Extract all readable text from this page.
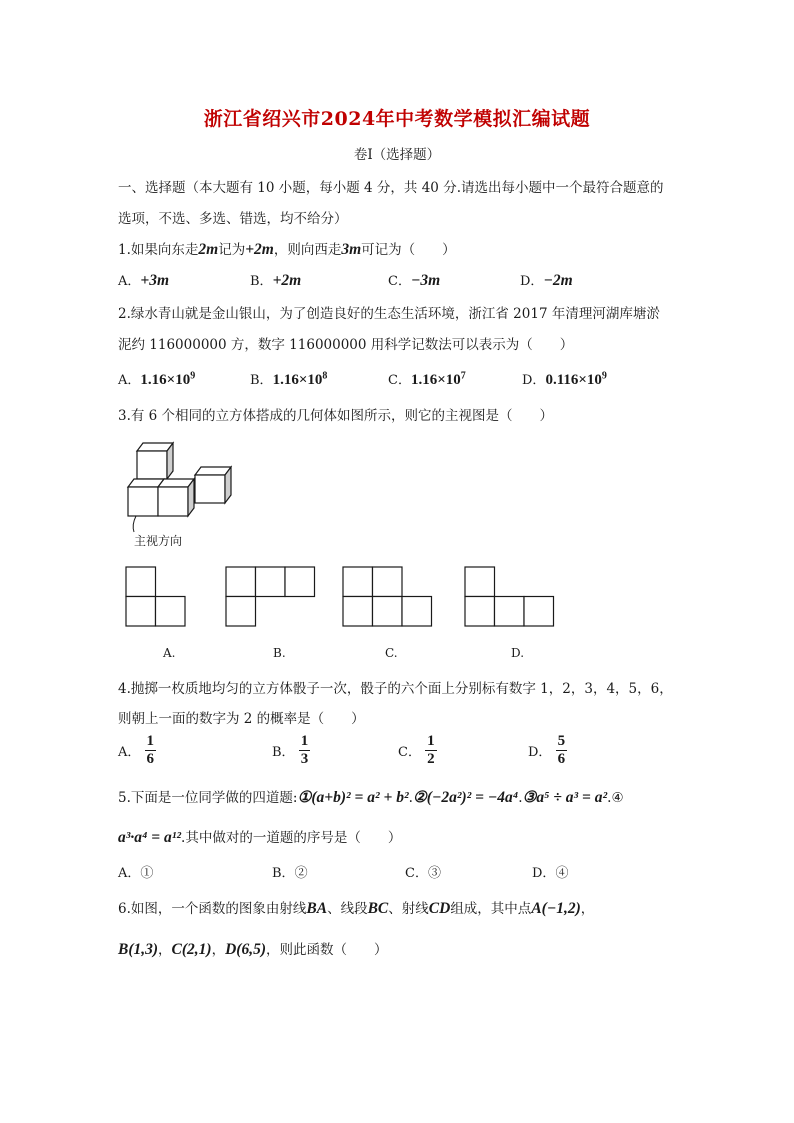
浙江省绍兴市2024年中考数学模拟汇编试题
卷Ⅰ（选择题）
一、选择题（本大题有 10 小题，每小题 4 分，共 40 分.请选出每小题中一个最符合题意的
选项，不选、多选、错选，均不给分）
1.如果向东走2m记为+2m，则向西走3m可记为（　　）
A．+3m	B．+2m	C．−3m	D．−2m
2.绿水青山就是金山银山，为了创造良好的生态生活环境，浙江省 2017 年清理河湖库塘淤
泥约 116000000 方，数字 116000000 用科学记数法可以表示为（　　）
A．$1.16\times 10^9$	B．$1.16\times 10^8$	C．$1.16\times 10^7$	D．$0.116\times 10^9$
3.有 6 个相同的立方体搭成的几何体如图所示，则它的主视图是（　　）
主视方向
A.	B.	C.	D.
4.抛掷一枚质地均匀的立方体骰子一次，骰子的六个面上分别标有数字 1，2，3，4，5，6，
则朝上一面的数字为 2 的概率是（　　）
A． $\frac{1}{6}$	B． $\frac{1}{3}$	C． $\frac{1}{2}$	D． $\frac{5}{6}$
5.下面是一位同学做的四道题:①(a+b)² = a² + b².②(−2a²)² = −4a⁴.③a⁵ ÷ a³ = a².④
a³·a⁴ = a¹².其中做对的一道题的序号是（　　）
A．①	B．②	C．③	D．④
6.如图，一个函数的图象由射线BA、线段BC、射线CD组成，其中点A(−1,2)，
B(1,3)，C(2,1)，D(6,5)，则此函数（　　）
